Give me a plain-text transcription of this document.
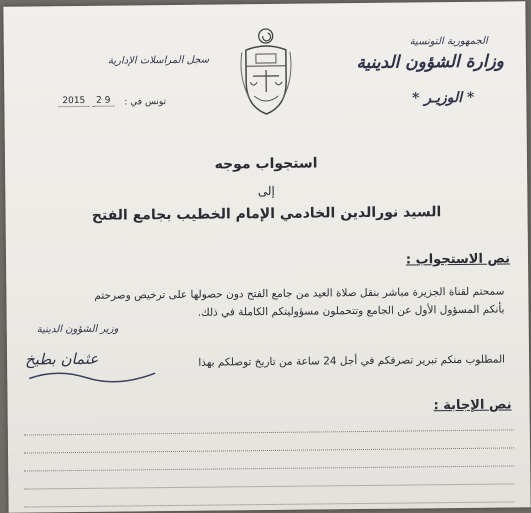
الجمهورية التونسية
وزارة الشؤون الدينية
* الوزيـر *
سجل المراسلات الإدارية
2015 2 9	تونس في :
استجواب موجه
إلى
السيد نورالدين الخادمي الإمام الخطيب بجامع الفتح
نص الاستجواب :
سمحتم لقناة الجزيرة مباشر بنقل صلاة العيد من جامع الفتح دون حصولها على ترخيص وصرحتم
بأنكم المسؤول الأول عن الجامع وتتحملون مسؤوليتكم الكاملة في ذلك.
المطلوب منكم تبرير تصرفكم في أجل 24 ساعة من تاريخ توصلكم بهذا
وزير الشؤون الدينية
عثمان بطيخ
نص الإجابة :
